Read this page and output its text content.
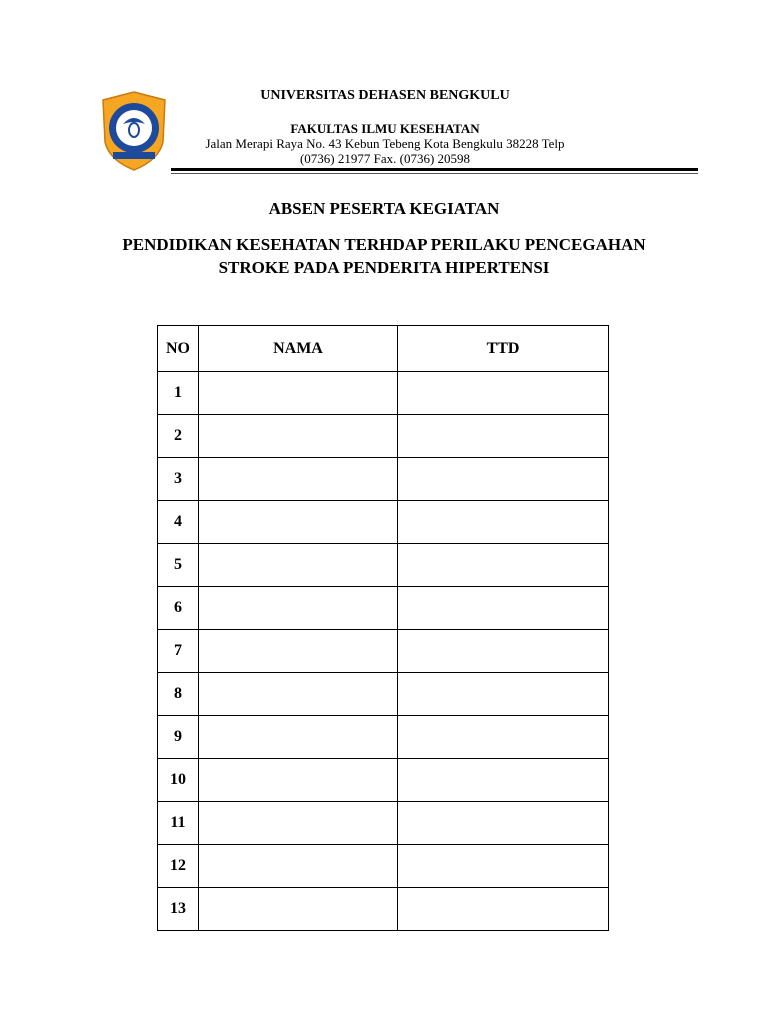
UNIVERSITAS DEHASEN BENGKULU
FAKULTAS ILMU KESEHATAN
Jalan Merapi Raya No. 43 Kebun Tebeng Kota Bengkulu 38228 Telp
(0736) 21977 Fax. (0736) 20598
ABSEN PESERTA KEGIATAN
PENDIDIKAN KESEHATAN TERHDAP PERILAKU PENCEGAHAN
STROKE PADA PENDERITA HIPERTENSI
NO	NAMA	TTD
1		
2		
3		
4		
5		
6		
7		
8		
9		
10		
11		
12		
13		
